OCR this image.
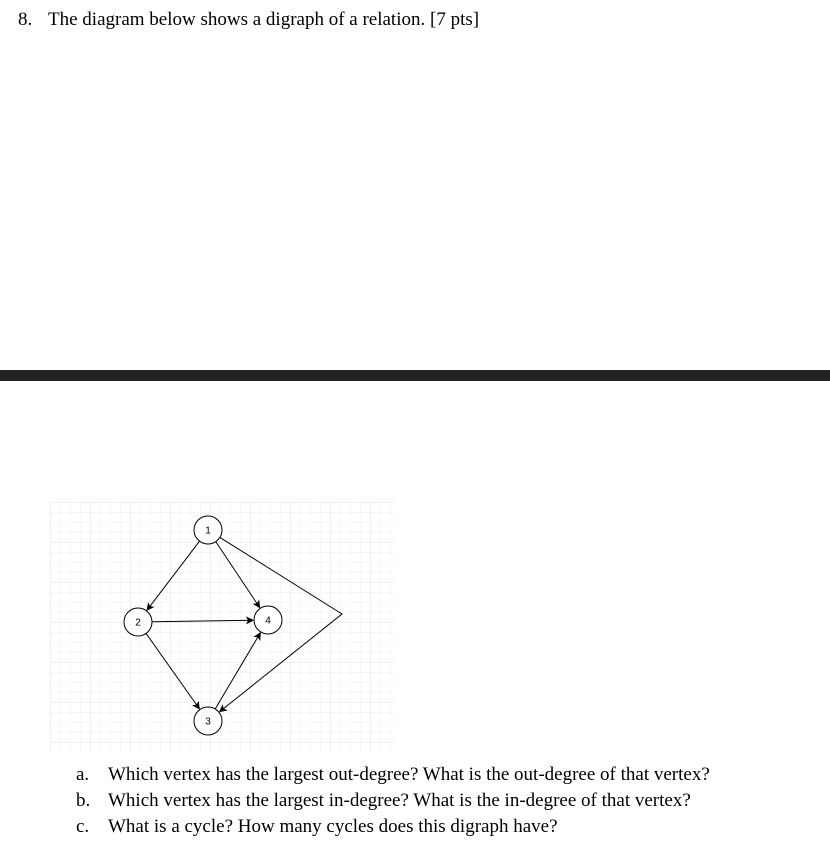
8. The diagram below shows a digraph of a relation. [7 pts]
1
2
3
4
a. Which vertex has the largest out-degree? What is the out-degree of that vertex?
b. Which vertex has the largest in-degree? What is the in-degree of that vertex?
c. What is a cycle? How many cycles does this digraph have?
